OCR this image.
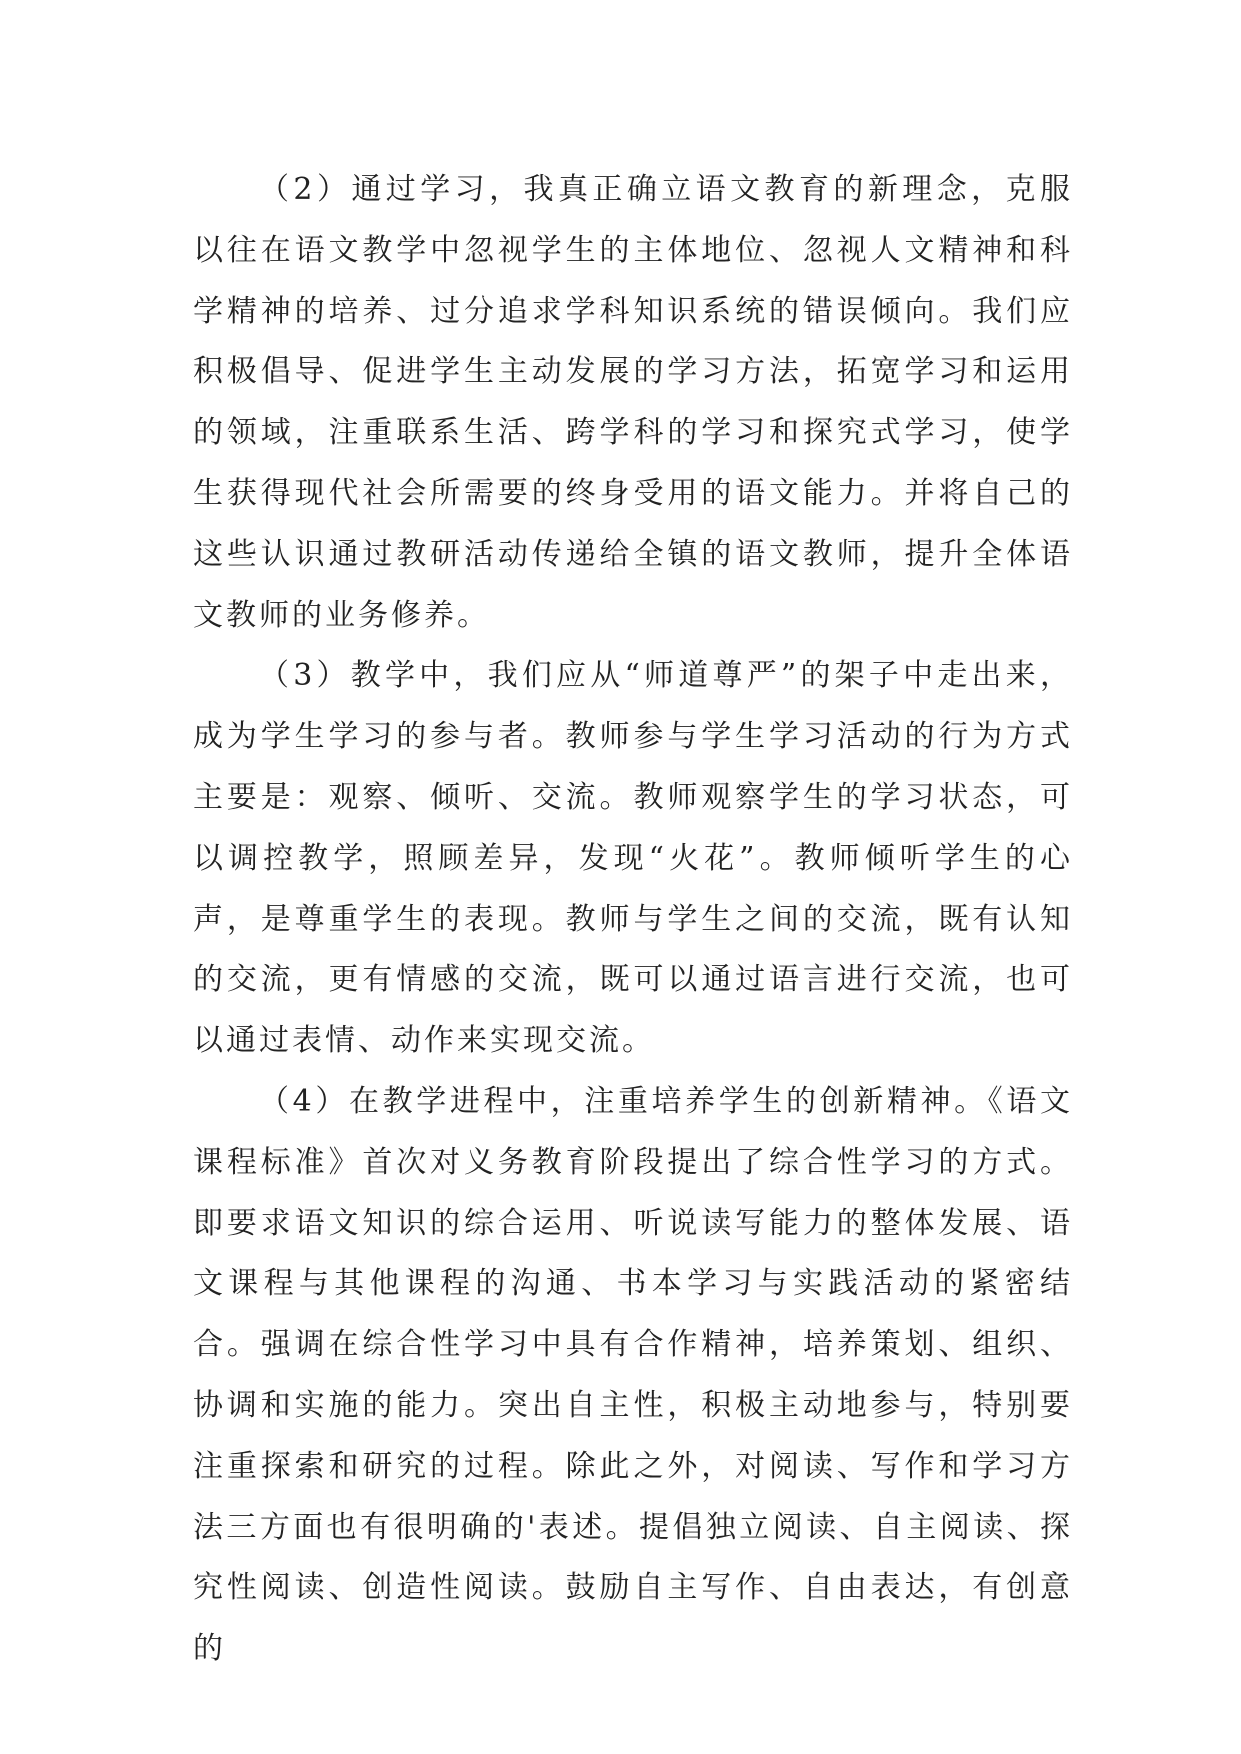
（2）通过学习，我真正确立语文教育的新理念，克服以往在语文教学中忽视学生的主体地位、忽视人文精神和科学精神的培养、过分追求学科知识系统的错误倾向。我们应积极倡导、促进学生主动发展的学习方法，拓宽学习和运用的领域，注重联系生活、跨学科的学习和探究式学习，使学生获得现代社会所需要的终身受用的语文能力。并将自己的这些认识通过教研活动传递给全镇的语文教师，提升全体语文教师的业务修养。

（3）教学中，我们应从“师道尊严”的架子中走出来，成为学生学习的参与者。教师参与学生学习活动的行为方式主要是：观察、倾听、交流。教师观察学生的学习状态，可以调控教学，照顾差异，发现“火花”。教师倾听学生的心声，是尊重学生的表现。教师与学生之间的交流，既有认知的交流，更有情感的交流，既可以通过语言进行交流，也可以通过表情、动作来实现交流。

（4）在教学进程中，注重培养学生的创新精神。《语文课程标准》首次对义务教育阶段提出了综合性学习的方式。即要求语文知识的综合运用、听说读写能力的整体发展、语文课程与其他课程的沟通、书本学习与实践活动的紧密结合。强调在综合性学习中具有合作精神，培养策划、组织、协调和实施的能力。突出自主性，积极主动地参与，特别要注重探索和研究的过程。除此之外，对阅读、写作和学习方法三方面也有很明确的'表述。提倡独立阅读、自主阅读、探究性阅读、创造性阅读。鼓励自主写作、自由表达，有创意的
